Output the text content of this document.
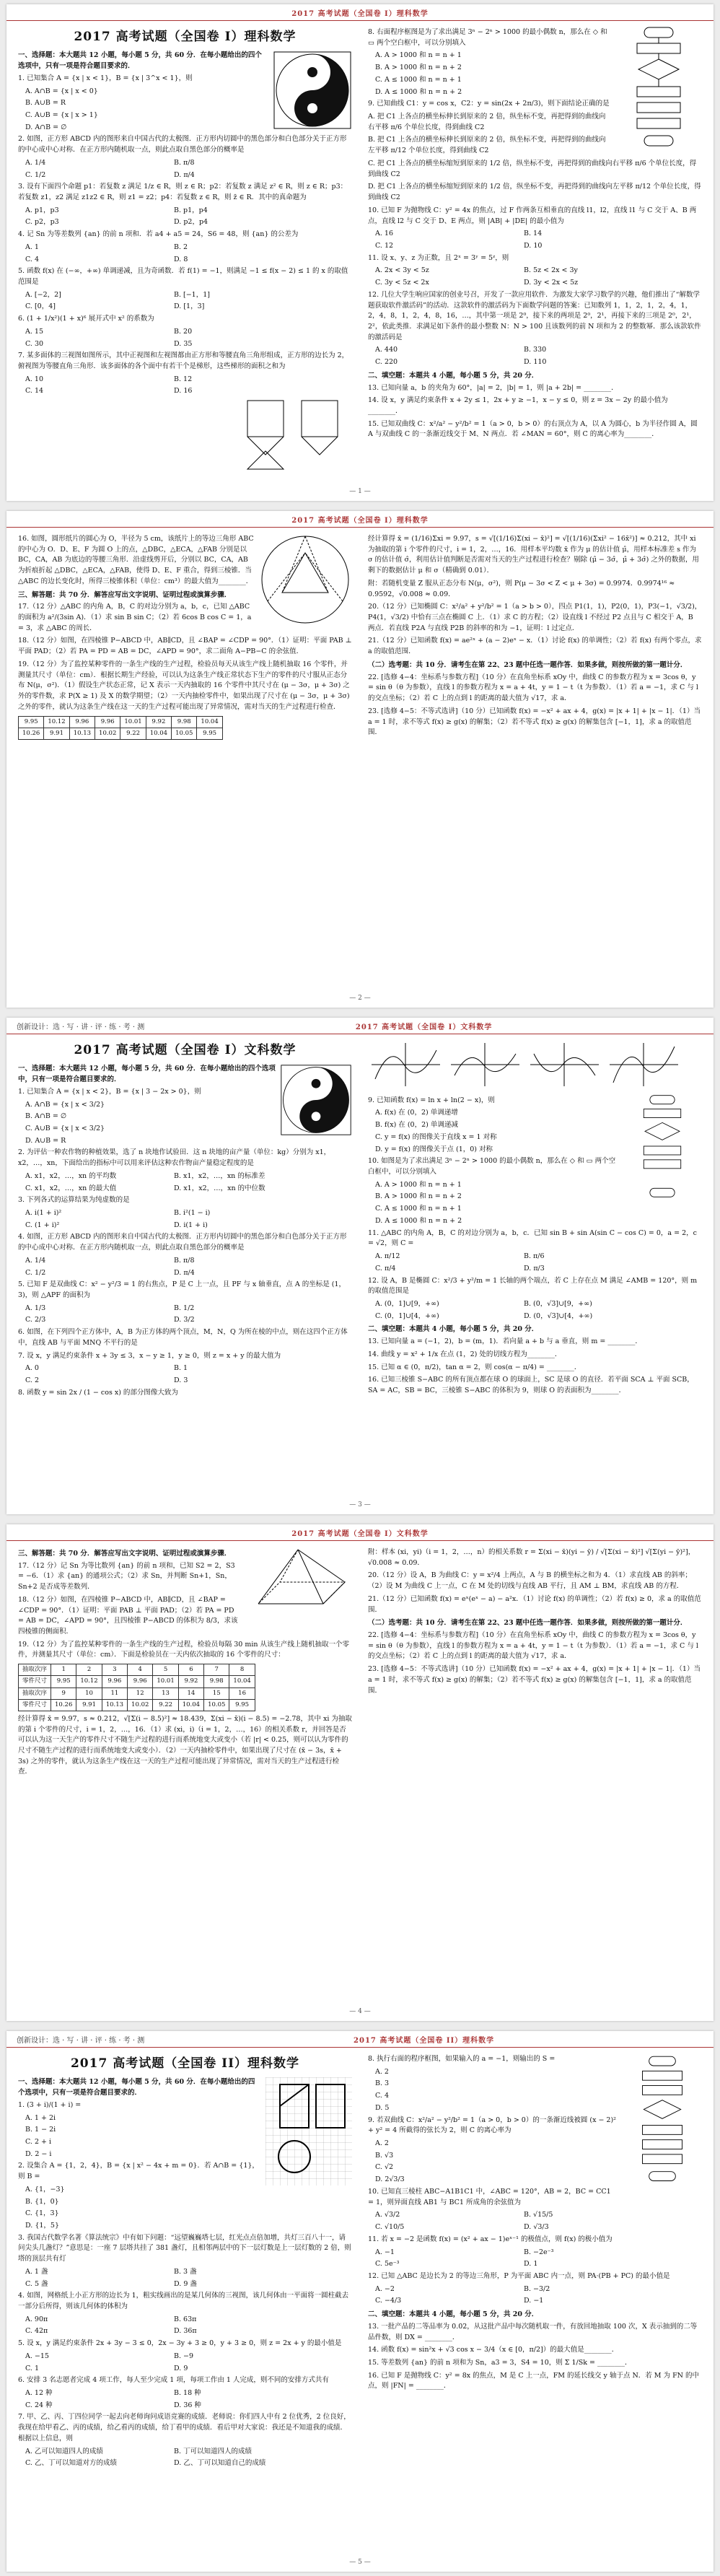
2017 高考试题（全国卷 I）理科数学
2017 高考试题（全国卷 I）理科数学
一、选择题：本大题共 12 小题，每小题 5 分，共 60 分．在每小题给出的四个选项中，只有一项是符合题目要求的．
1. 已知集合 A = {x | x < 1}，B = {x | 3^x < 1}，则
A. A∩B = {x | x < 0}
B. A∪B = R
C. A∪B = {x | x > 1}
D. A∩B = ∅
2. 如图，正方形 ABCD 内的图形来自中国古代的太极图．正方形内切圆中的黑色部分和白色部分关于正方形的中心成中心对称．在正方形内随机取一点，则此点取自黑色部分的概率是
A. 1/4	B. π/8
C. 1/2	D. π/4
3. 设有下面四个命题 p1：若复数 z 满足 1/z ∈ R，则 z ∈ R；p2：若复数 z 满足 z² ∈ R，则 z ∈ R；p3：若复数 z1，z2 满足 z1z2 ∈ R，则 z1 = z2；p4：若复数 z ∈ R，则 z̄ ∈ R．其中的真命题为
A. p1，p3	B. p1，p4
C. p2，p3	D. p2，p4
4. 记 Sn 为等差数列 {an} 的前 n 项和．若 a4 + a5 = 24，S6 = 48，则 {an} 的公差为
A. 1	B. 2
C. 4	D. 8
5. 函数 f(x) 在 (−∞，+∞) 单调递减，且为奇函数．若 f(1) = −1，则满足 −1 ≤ f(x − 2) ≤ 1 的 x 的取值范围是
A. [−2，2]	B. [−1，1]
C. [0，4]	D. [1，3]
6. (1 + 1/x²)(1 + x)⁶ 展开式中 x² 的系数为
A. 15	B. 20
C. 30	D. 35
7. 某多面体的三视图如图所示，其中正视图和左视图都由正方形和等腰直角三角形组成，正方形的边长为 2，俯视图为等腰直角三角形．该多面体的各个面中有若干个是梯形，这些梯形的面积之和为
A. 10	B. 12
C. 14	D. 16
8. 右面程序框图是为了求出满足 3ⁿ − 2ⁿ > 1000 的最小偶数 n，那么在 ◇ 和 ▭ 两个空白框中，可以分别填入
A. A > 1000 和 n = n + 1
B. A > 1000 和 n = n + 2
C. A ≤ 1000 和 n = n + 1
D. A ≤ 1000 和 n = n + 2
9. 已知曲线 C1：y = cos x，C2：y = sin(2x + 2π/3)，则下面结论正确的是
A. 把 C1 上各点的横坐标伸长到原来的 2 倍，纵坐标不变，再把得到的曲线向右平移 π/6 个单位长度，得到曲线 C2
B. 把 C1 上各点的横坐标伸长到原来的 2 倍，纵坐标不变，再把得到的曲线向左平移 π/12 个单位长度，得到曲线 C2
C. 把 C1 上各点的横坐标缩短到原来的 1/2 倍，纵坐标不变，再把得到的曲线向右平移 π/6 个单位长度，得到曲线 C2
D. 把 C1 上各点的横坐标缩短到原来的 1/2 倍，纵坐标不变，再把得到的曲线向左平移 π/12 个单位长度，得到曲线 C2
10. 已知 F 为抛物线 C：y² = 4x 的焦点，过 F 作两条互相垂直的直线 l1，l2，直线 l1 与 C 交于 A、B 两点，直线 l2 与 C 交于 D、E 两点，则 |AB| + |DE| 的最小值为
A. 16	B. 14
C. 12	D. 10
11. 设 x、y、z 为正数，且 2ˣ = 3ʸ = 5ᶻ，则
A. 2x < 3y < 5z	B. 5z < 2x < 3y
C. 3y < 5z < 2x	D. 3y < 2x < 5z
12. 几位大学生响应国家的创业号召，开发了一款应用软件．为激发大家学习数学的兴趣，他们推出了“解数学题获取软件激活码”的活动．这款软件的激活码为下面数学问题的答案：已知数列 1，1，2，1，2，4，1，2，4，8，1，2，4，8，16，…，其中第一项是 2⁰，接下来的两项是 2⁰，2¹，再接下来的三项是 2⁰，2¹，2²，依此类推．求满足如下条件的最小整数 N：N > 100 且该数列的前 N 项和为 2 的整数幂．那么该款软件的激活码是
A. 440	B. 330
C. 220	D. 110
二、填空题：本题共 4 小题，每小题 5 分，共 20 分．
13. 已知向量 a，b 的夹角为 60°，|a| = 2，|b| = 1，则 |a + 2b| = ________．
14. 设 x，y 满足约束条件 x + 2y ≤ 1，2x + y ≥ −1，x − y ≤ 0，则 z = 3x − 2y 的最小值为________．
15. 已知双曲线 C：x²/a² − y²/b² = 1（a > 0，b > 0）的右顶点为 A，以 A 为圆心，b 为半径作圆 A，圆 A 与双曲线 C 的一条渐近线交于 M、N 两点．若 ∠MAN = 60°，则 C 的离心率为________．
— 1 —
2017 高考试题（全国卷 I）理科数学
16. 如图，圆形纸片的圆心为 O，半径为 5 cm，该纸片上的等边三角形 ABC 的中心为 O．D、E、F 为圆 O 上的点，△DBC，△ECA，△FAB 分别是以 BC，CA，AB 为底边的等腰三角形．沿虚线剪开后，分别以 BC，CA，AB 为折痕折起 △DBC，△ECA，△FAB，使得 D、E、F 重合，得到三棱锥．当 △ABC 的边长变化时，所得三棱锥体积（单位：cm³）的最大值为________．
三、解答题：共 70 分．解答应写出文字说明、证明过程或演算步骤．
17.（12 分）△ABC 的内角 A，B，C 的对边分别为 a，b，c，已知 △ABC 的面积为 a²/(3sin A)．（1）求 sin B sin C；（2）若 6cos B cos C = 1，a = 3，求 △ABC 的周长．
18.（12 分）如图，在四棱锥 P−ABCD 中，AB∥CD，且 ∠BAP = ∠CDP = 90°．（1）证明：平面 PAB ⊥ 平面 PAD；（2）若 PA = PD = AB = DC，∠APD = 90°，求二面角 A−PB−C 的余弦值．
19.（12 分）为了监控某种零件的一条生产线的生产过程，检验员每天从该生产线上随机抽取 16 个零件，并测量其尺寸（单位：cm）．根据长期生产经验，可以认为这条生产线正常状态下生产的零件的尺寸服从正态分布 N(μ，σ²)．（1）假设生产状态正常，记 X 表示一天内抽取的 16 个零件中其尺寸在 (μ − 3σ，μ + 3σ) 之外的零件数，求 P(X ≥ 1) 及 X 的数学期望；（2）一天内抽检零件中，如果出现了尺寸在 (μ − 3σ，μ + 3σ) 之外的零件，就认为这条生产线在这一天的生产过程可能出现了异常情况，需对当天的生产过程进行检查．
9.95	10.12	9.96	9.96	10.01	9.92	9.98	10.04
10.26	9.91	10.13	10.02	9.22	10.04	10.05	9.95
经计算得 x̄ = (1/16)Σxi = 9.97，s = √[(1/16)Σ(xi − x̄)²] = √[(1/16)(Σxi² − 16x̄²)] ≈ 0.212，其中 xi 为抽取的第 i 个零件的尺寸，i = 1，2，…，16．用样本平均数 x̄ 作为 μ 的估计值 μ̂，用样本标准差 s 作为 σ 的估计值 σ̂，利用估计值判断是否需对当天的生产过程进行检查？剔除 (μ̂ − 3σ̂，μ̂ + 3σ̂) 之外的数据，用剩下的数据估计 μ 和 σ（精确到 0.01）．
附：若随机变量 Z 服从正态分布 N(μ，σ²)，则 P(μ − 3σ < Z < μ + 3σ) = 0.9974．0.9974¹⁶ ≈ 0.9592，√0.008 ≈ 0.09．
20.（12 分）已知椭圆 C：x²/a² + y²/b² = 1（a > b > 0），四点 P1(1，1)，P2(0，1)，P3(−1，√3/2)，P4(1，√3/2) 中恰有三点在椭圆 C 上．（1）求 C 的方程；（2）设直线 l 不经过 P2 点且与 C 相交于 A，B 两点．若直线 P2A 与直线 P2B 的斜率的和为 −1，证明：l 过定点．
21.（12 分）已知函数 f(x) = ae²ˣ + (a − 2)eˣ − x．（1）讨论 f(x) 的单调性；（2）若 f(x) 有两个零点，求 a 的取值范围．
（二）选考题：共 10 分．请考生在第 22、23 题中任选一题作答．如果多做，则按所做的第一题计分．
22. [选修 4−4：坐标系与参数方程]（10 分）在直角坐标系 xOy 中，曲线 C 的参数方程为 x = 3cos θ，y = sin θ（θ 为参数），直线 l 的参数方程为 x = a + 4t，y = 1 − t（t 为参数）．（1）若 a = −1，求 C 与 l 的交点坐标；（2）若 C 上的点到 l 的距离的最大值为 √17，求 a．
23. [选修 4−5：不等式选讲]（10 分）已知函数 f(x) = −x² + ax + 4，g(x) = |x + 1| + |x − 1|．（1）当 a = 1 时，求不等式 f(x) ≥ g(x) 的解集；（2）若不等式 f(x) ≥ g(x) 的解集包含 [−1，1]，求 a 的取值范围．
— 2 —
创新设计：选 · 写 · 讲 · 评 · 练 · 考 · 测	2017 高考试题（全国卷 I）文科数学
2017 高考试题（全国卷 I）文科数学
一、选择题：本大题共 12 小题，每小题 5 分，共 60 分．在每小题给出的四个选项中，只有一项是符合题目要求的．
1. 已知集合 A = {x | x < 2}，B = {x | 3 − 2x > 0}，则
A. A∩B = {x | x < 3/2}
B. A∩B = ∅
C. A∪B = {x | x < 3/2}
D. A∪B = R
2. 为评估一种农作物的种植效果，选了 n 块地作试验田．这 n 块地的亩产量（单位：kg）分别为 x1，x2，…，xn，下面给出的指标中可以用来评估这种农作物亩产量稳定程度的是
A. x1，x2，…，xn 的平均数	B. x1，x2，…，xn 的标准差
C. x1，x2，…，xn 的最大值	D. x1，x2，…，xn 的中位数
3. 下列各式的运算结果为纯虚数的是
A. i(1 + i)²	B. i²(1 − i)
C. (1 + i)²	D. i(1 + i)
4. 如图，正方形 ABCD 内的图形来自中国古代的太极图．正方形内切圆中的黑色部分和白色部分关于正方形的中心成中心对称．在正方形内随机取一点，则此点取自黑色部分的概率是
A. 1/4	B. π/8
C. 1/2	D. π/4
5. 已知 F 是双曲线 C：x² − y²/3 = 1 的右焦点，P 是 C 上一点，且 PF 与 x 轴垂直，点 A 的坐标是 (1，3)，则 △APF 的面积为
A. 1/3	B. 1/2
C. 2/3	D. 3/2
6. 如图，在下列四个正方体中，A，B 为正方体的两个顶点，M，N，Q 为所在棱的中点，则在这四个正方体中，直线 AB 与平面 MNQ 不平行的是
7. 设 x，y 满足约束条件 x + 3y ≤ 3，x − y ≥ 1，y ≥ 0，则 z = x + y 的最大值为
A. 0	B. 1
C. 2	D. 3
8. 函数 y = sin 2x / (1 − cos x) 的部分图像大致为
9. 已知函数 f(x) = ln x + ln(2 − x)，则
A. f(x) 在 (0，2) 单调递增
B. f(x) 在 (0，2) 单调递减
C. y = f(x) 的图像关于直线 x = 1 对称
D. y = f(x) 的图像关于点 (1，0) 对称
10. 如图是为了求出满足 3ⁿ − 2ⁿ > 1000 的最小偶数 n，那么在 ◇ 和 ▭ 两个空白框中，可以分别填入
A. A > 1000 和 n = n + 1
B. A > 1000 和 n = n + 2
C. A ≤ 1000 和 n = n + 1
D. A ≤ 1000 和 n = n + 2
11. △ABC 的内角 A，B，C 的对边分别为 a，b，c．已知 sin B + sin A(sin C − cos C) = 0，a = 2，c = √2，则 C =
A. π/12	B. π/6
C. π/4	D. π/3
12. 设 A，B 是椭圆 C：x²/3 + y²/m = 1 长轴的两个端点，若 C 上存在点 M 满足 ∠AMB = 120°，则 m 的取值范围是
A. (0，1]∪[9，+∞)	B. (0，√3]∪[9，+∞)
C. (0，1]∪[4，+∞)	D. (0，√3]∪[4，+∞)
二、填空题：本题共 4 小题，每小题 5 分，共 20 分．
13. 已知向量 a = (−1，2)，b = (m，1)．若向量 a + b 与 a 垂直，则 m = ________．
14. 曲线 y = x² + 1/x 在点 (1，2) 处的切线方程为________．
15. 已知 α ∈ (0，π/2)，tan α = 2，则 cos(α − π/4) = ________．
16. 已知三棱锥 S−ABC 的所有顶点都在球 O 的球面上，SC 是球 O 的直径．若平面 SCA ⊥ 平面 SCB，SA = AC，SB = BC，三棱锥 S−ABC 的体积为 9，则球 O 的表面积为________．
— 3 —
2017 高考试题（全国卷 I）文科数学
三、解答题：共 70 分．解答应写出文字说明、证明过程或演算步骤．
17.（12 分）记 Sn 为等比数列 {an} 的前 n 项和，已知 S2 = 2，S3 = −6．（1）求 {an} 的通项公式；（2）求 Sn，并判断 Sn+1，Sn，Sn+2 是否成等差数列．
18.（12 分）如图，在四棱锥 P−ABCD 中，AB∥CD，且 ∠BAP = ∠CDP = 90°．（1）证明：平面 PAB ⊥ 平面 PAD；（2）若 PA = PD = AB = DC，∠APD = 90°，且四棱锥 P−ABCD 的体积为 8/3，求该四棱锥的侧面积．
19.（12 分）为了监控某种零件的一条生产线的生产过程，检验员每隔 30 min 从该生产线上随机抽取一个零件，并测量其尺寸（单位：cm）．下面是检验员在一天内依次抽取的 16 个零件的尺寸：
抽取次序	1	2	3	4	5	6	7	8
零件尺寸	9.95	10.12	9.96	9.96	10.01	9.92	9.98	10.04
抽取次序	9	10	11	12	13	14	15	16
零件尺寸	10.26	9.91	10.13	10.02	9.22	10.04	10.05	9.95
经计算得 x̄ = 9.97，s ≈ 0.212，√[Σ(i − 8.5)²] ≈ 18.439，Σ(xi − x̄)(i − 8.5) = −2.78，其中 xi 为抽取的第 i 个零件的尺寸，i = 1，2，…，16．（1）求 (xi，i)（i = 1，2，…，16）的相关系数 r，并回答是否可以认为这一天生产的零件尺寸不随生产过程的进行而系统地变大或变小（若 |r| < 0.25，则可以认为零件的尺寸不随生产过程的进行而系统地变大或变小）．（2）一天内抽检零件中，如果出现了尺寸在 (x̄ − 3s，x̄ + 3s) 之外的零件，就认为这条生产线在这一天的生产过程可能出现了异常情况，需对当天的生产过程进行检查．
附：样本 (xi，yi)（i = 1，2，…，n）的相关系数 r = Σ(xi − x̄)(yi − ȳ) / √[Σ(xi − x̄)²] √[Σ(yi − ȳ)²]，√0.008 ≈ 0.09．
20.（12 分）设 A，B 为曲线 C：y = x²/4 上两点，A 与 B 的横坐标之和为 4．（1）求直线 AB 的斜率；（2）设 M 为曲线 C 上一点，C 在 M 处的切线与直线 AB 平行，且 AM ⊥ BM，求直线 AB 的方程．
21.（12 分）已知函数 f(x) = eˣ(eˣ − a) − a²x．（1）讨论 f(x) 的单调性；（2）若 f(x) ≥ 0，求 a 的取值范围．
（二）选考题：共 10 分．请考生在第 22、23 题中任选一题作答．如果多做，则按所做的第一题计分．
22. [选修 4−4：坐标系与参数方程]（10 分）在直角坐标系 xOy 中，曲线 C 的参数方程为 x = 3cos θ，y = sin θ（θ 为参数），直线 l 的参数方程为 x = a + 4t，y = 1 − t（t 为参数）．（1）若 a = −1，求 C 与 l 的交点坐标；（2）若 C 上的点到 l 的距离的最大值为 √17，求 a．
23. [选修 4−5：不等式选讲]（10 分）已知函数 f(x) = −x² + ax + 4，g(x) = |x + 1| + |x − 1|．（1）当 a = 1 时，求不等式 f(x) ≥ g(x) 的解集；（2）若不等式 f(x) ≥ g(x) 的解集包含 [−1，1]，求 a 的取值范围．
— 4 —
创新设计：选 · 写 · 讲 · 评 · 练 · 考 · 测	2017 高考试题（全国卷 II）理科数学
2017 高考试题（全国卷 II）理科数学
一、选择题：本大题共 12 小题，每小题 5 分，共 60 分．在每小题给出的四个选项中，只有一项是符合题目要求的．
1. (3 + i)/(1 + i) =
A. 1 + 2i
B. 1 − 2i
C. 2 + i
D. 2 − i
2. 设集合 A = {1，2，4}，B = {x | x² − 4x + m = 0}．若 A∩B = {1}，则 B =
A. {1，−3}
B. {1，0}
C. {1，3}
D. {1，5}
3. 我国古代数学名著《算法统宗》中有如下问题：“远望巍巍塔七层，红光点点倍加增，共灯三百八十一，请问尖头几盏灯？”意思是：一座 7 层塔共挂了 381 盏灯，且相邻两层中的下一层灯数是上一层灯数的 2 倍，则塔的顶层共有灯
A. 1 盏	B. 3 盏
C. 5 盏	D. 9 盏
4. 如图，网格纸上小正方形的边长为 1，粗实线画出的是某几何体的三视图，该几何体由一平面将一圆柱截去一部分后所得，则该几何体的体积为
A. 90π	B. 63π
C. 42π	D. 36π
5. 设 x，y 满足约束条件 2x + 3y − 3 ≤ 0，2x − 3y + 3 ≥ 0，y + 3 ≥ 0，则 z = 2x + y 的最小值是
A. −15	B. −9
C. 1	D. 9
6. 安排 3 名志愿者完成 4 项工作，每人至少完成 1 项，每项工作由 1 人完成，则不同的安排方式共有
A. 12 种	B. 18 种
C. 24 种	D. 36 种
7. 甲、乙、丙、丁四位同学一起去向老师询问成语竞赛的成绩．老师说：你们四人中有 2 位优秀，2 位良好，我现在给甲看乙、丙的成绩，给乙看丙的成绩，给丁看甲的成绩．看后甲对大家说：我还是不知道我的成绩．根据以上信息，则
A. 乙可以知道四人的成绩	B. 丁可以知道四人的成绩
C. 乙、丁可以知道对方的成绩	D. 乙、丁可以知道自己的成绩
8. 执行右面的程序框图，如果输入的 a = −1，则输出的 S =
A. 2
B. 3
C. 4
D. 5
9. 若双曲线 C：x²/a² − y²/b² = 1（a > 0，b > 0）的一条渐近线被圆 (x − 2)² + y² = 4 所截得的弦长为 2，则 C 的离心率为
A. 2
B. √3
C. √2
D. 2√3/3
10. 已知直三棱柱 ABC−A1B1C1 中，∠ABC = 120°，AB = 2，BC = CC1 = 1，则异面直线 AB1 与 BC1 所成角的余弦值为
A. √3/2	B. √15/5
C. √10/5	D. √3/3
11. 若 x = −2 是函数 f(x) = (x² + ax − 1)eˣ⁻¹ 的极值点，则 f(x) 的极小值为
A. −1	B. −2e⁻³
C. 5e⁻³	D. 1
12. 已知 △ABC 是边长为 2 的等边三角形，P 为平面 ABC 内一点，则 PA·(PB + PC) 的最小值是
A. −2	B. −3/2
C. −4/3	D. −1
二、填空题：本题共 4 小题，每小题 5 分，共 20 分．
13. 一批产品的二等品率为 0.02，从这批产品中每次随机取一件，有放回地抽取 100 次，X 表示抽到的二等品件数，则 DX = ________．
14. 函数 f(x) = sin²x + √3 cos x − 3/4（x ∈ [0，π/2]）的最大值是________．
15. 等差数列 {an} 的前 n 项和为 Sn，a3 = 3，S4 = 10，则 Σ 1/Sk = ________．
16. 已知 F 是抛物线 C：y² = 8x 的焦点，M 是 C 上一点，FM 的延长线交 y 轴于点 N．若 M 为 FN 的中点，则 |FN| = ________．
— 5 —
